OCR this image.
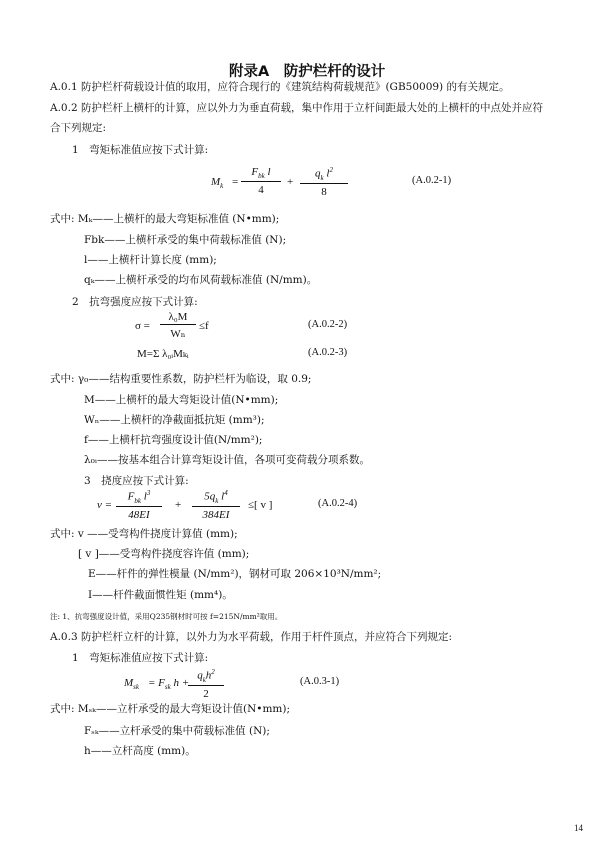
附录A　防护栏杆的设计
A.0.1 防护栏杆荷载设计值的取用，应符合现行的《建筑结构荷载规范》(GB50009) 的有关规定。
A.0.2 防护栏杆上横杆的计算，应以外力为垂直荷载，集中作用于立杆间距最大处的上横杆的中点处并应符
合下列规定:
1　弯矩标准值应按下式计算:
$M_k$ =
$F_{bk}$ l
4
+ $\frac{q_k l^2}{8}$	(A.0.2-1)
式中: Mₖ——上横杆的最大弯矩标准值 (N•mm);
Fbk——上横杆承受的集中荷载标准值 (N);
l——上横杆计算长度 (mm);
qₖ——上横杆承受的均布风荷载标准值 (N/mm)。
2　抗弯强度应按下式计算:
$\sigma = \frac{\text{λ₀M}}{\text{Wₙ}} \le f$	(A.0.2-2)
M=Σ λ₀ᵢMₖᵢ	(A.0.2-3)
式中: γ₀——结构重要性系数，防护栏杆为临设，取 0.9;
M——上横杆的最大弯矩设计值(N•mm);
Wₙ——上横杆的净截面抵抗矩 (mm³);
f——上横杆抗弯强度设计值(N/mm²);
λ₀ᵢ——按基本组合计算弯矩设计值，各项可变荷载分项系数。
3　挠度应按下式计算:
v =
$F_{bk}$ $l^3$
48EI
+ $\frac{5q_k l^4}{384EI}$ ≤[ v ]	(A.0.2-4)
式中: v ——受弯构件挠度计算值 (mm);
[ v ]——受弯构件挠度容许值 (mm);
E——杆件的弹性模量 (N/mm²)，钢材可取 206×10³N/mm²;
I——杆件截面惯性矩 (mm⁴)。
注: 1、抗弯强度设计值，采用Q235钢材时可按 f=215N/mm²取用。
A.0.3 防护栏杆立杆的计算，以外力为水平荷载，作用于杆件顶点，并应符合下列规定:
1　弯矩标准值应按下式计算:
$M_{sk} = F_{sk}$ h +
$q_kh^2$
2
(A.0.3-1)
式中: Mₛₖ——立杆承受的最大弯矩设计值(N•mm);
Fₛₖ——立杆承受的集中荷载标准值 (N);
h——立杆高度 (mm)。
14
